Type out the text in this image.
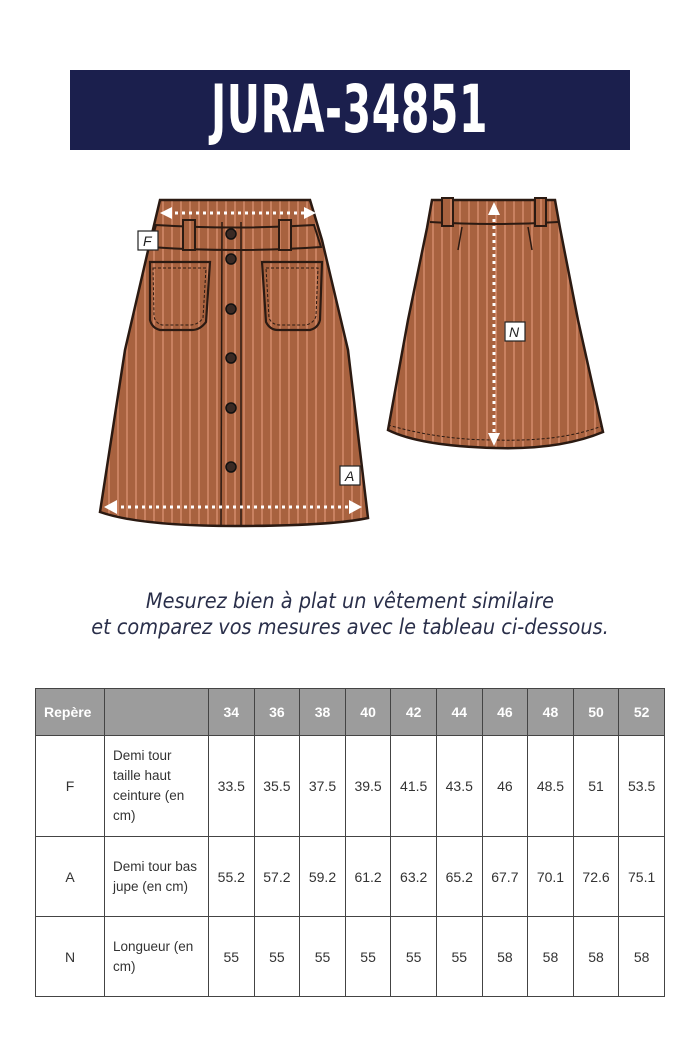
JURA-34851
F
A
N
Mesurez bien à plat un vêtement similaire
et comparez vos mesures avec le tableau ci-dessous.
Repère		34	36	38	40	42	44	46	48	50	52
F	Demi tour taille haut ceinture (en cm)	33.5	35.5	37.5	39.5	41.5	43.5	46	48.5	51	53.5
A	Demi tour bas jupe (en cm)	55.2	57.2	59.2	61.2	63.2	65.2	67.7	70.1	72.6	75.1
N	Longueur (en cm)	55	55	55	55	55	55	58	58	58	58
